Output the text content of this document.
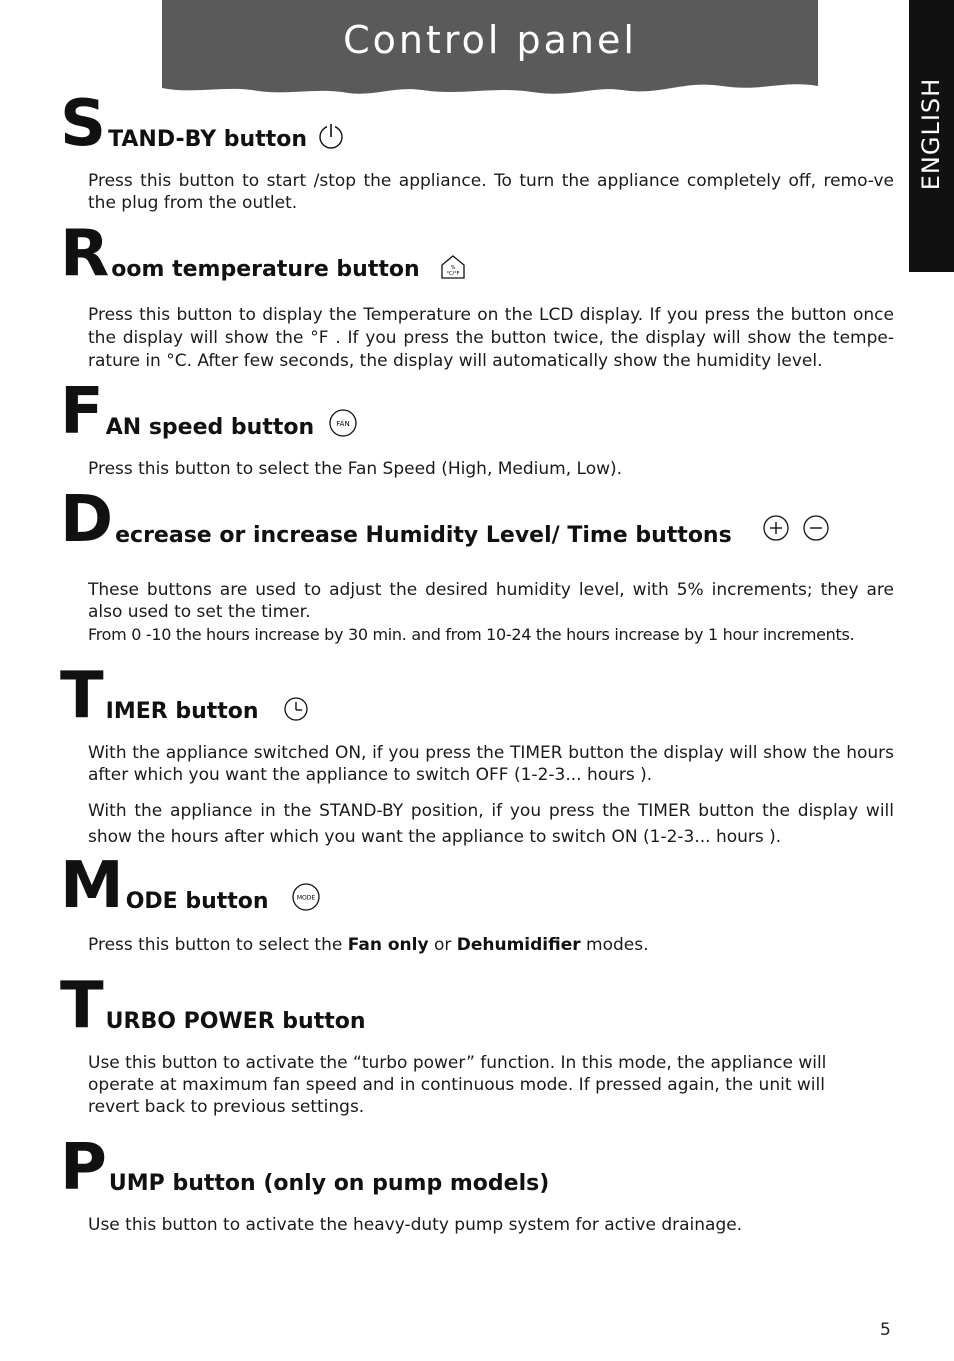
Control panel
ENGLISH
S TAND-BY button

Press this button to start /stop the appliance. To turn the appliance completely off, remo-ve the plug from the outlet.

R oom temperature button	%
°C/°F

Press this button to display the Temperature on the LCD display. If you press the button once the display will show the °F . If you press the button twice, the display will show the tempe-rature in °C. After few seconds, the display will automatically show the humidity level.

F AN speed button	FAN

Press this button to select the Fan Speed (High, Medium, Low).

D ecrease or increase Humidity Level/ Time buttons

These buttons are used to adjust the desired humidity level, with 5% increments; they are also used to set the timer.

From 0 -10 the hours increase by 30 min. and from 10-24 the hours increase by 1 hour increments.

T IMER button

With the appliance switched ON, if you press the TIMER button the display will show the hours after which you want the appliance to switch OFF (1-2-3... hours ).

With the appliance in the STAND-BY position, if you press the TIMER button the display will show the hours after which you want the appliance to switch ON (1-2-3... hours ).

M ODE button	MODE

Press this button to select the Fan only or Dehumidifier modes.

T URBO POWER button

Use this button to activate the “turbo power” function. In this mode, the appliance will operate at maximum fan speed and in continuous mode. If pressed again, the unit will revert back to previous settings.

P UMP button (only on pump models)

Use this button to activate the heavy-duty pump system for active drainage.

5
